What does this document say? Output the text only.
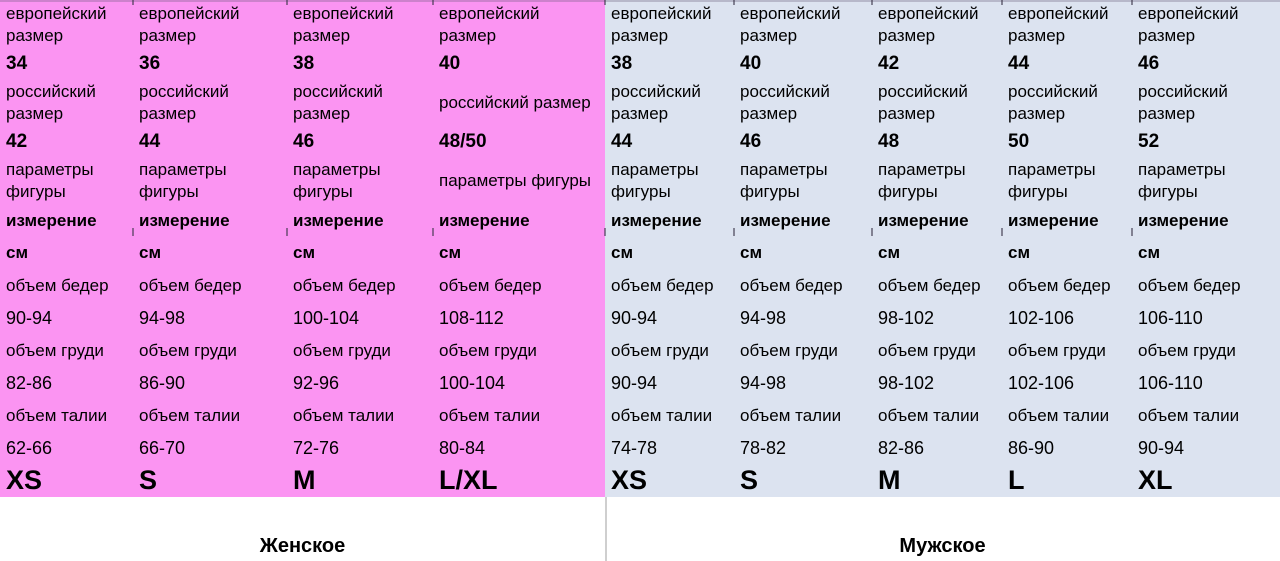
европейский размер
34
российский размер
42
параметры фигуры
измерение
см
объем бедер
90-94
объем груди
82-86
объем талии
62-66
XS
европейский размер
36
российский размер
44
параметры фигуры
измерение
см
объем бедер
94-98
объем груди
86-90
объем талии
66-70
S
европейский размер
38
российский размер
46
параметры фигуры
измерение
см
объем бедер
100-104
объем груди
92-96
объем талии
72-76
M
европейский размер
40
российский размер
48/50
параметры фигуры
измерение
см
объем бедер
108-112
объем груди
100-104
объем талии
80-84
L/XL
европейский размер
38
российский размер
44
параметры фигуры
измерение
см
объем бедер
90-94
объем груди
90-94
объем талии
74-78
XS
европейский размер
40
российский размер
46
параметры фигуры
измерение
см
объем бедер
94-98
объем груди
94-98
объем талии
78-82
S
европейский размер
42
российский размер
48
параметры фигуры
измерение
см
объем бедер
98-102
объем груди
98-102
объем талии
82-86
M
европейский размер
44
российский размер
50
параметры фигуры
измерение
см
объем бедер
102-106
объем груди
102-106
объем талии
86-90
L
европейский размер
46
российский размер
52
параметры фигуры
измерение
см
объем бедер
106-110
объем груди
106-110
объем талии
90-94
XL
Женское	Мужское
